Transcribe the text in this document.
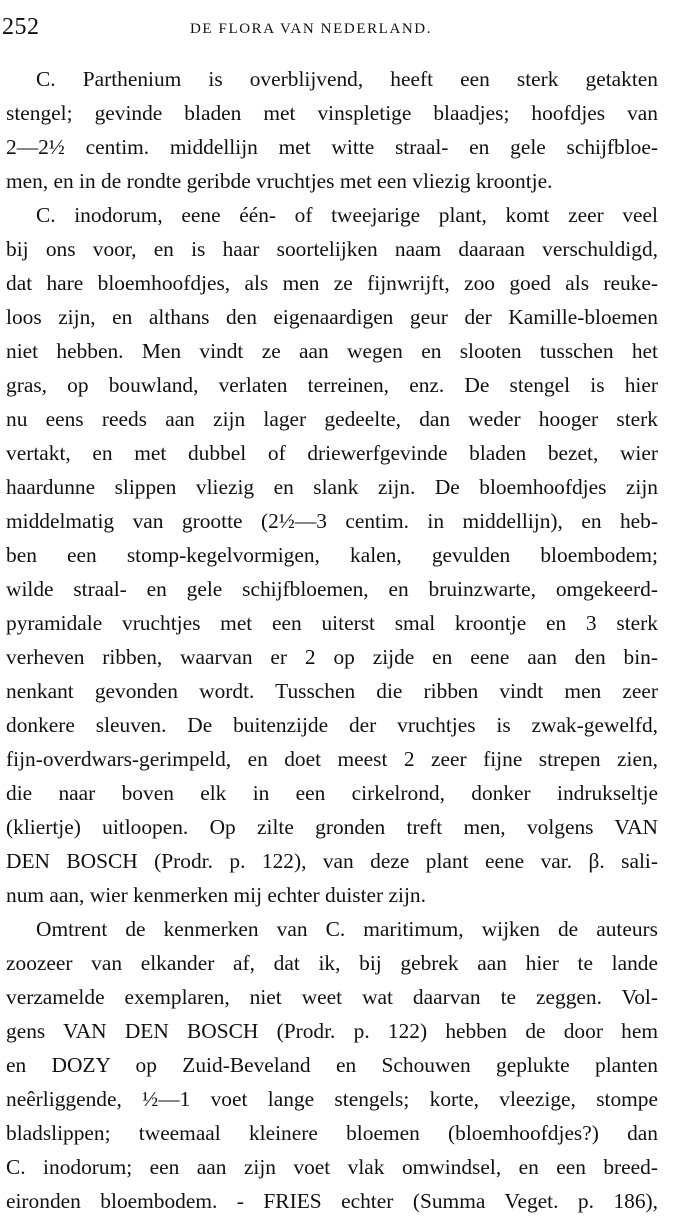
252	DE FLORA VAN NEDERLAND.
C. Parthenium is overblijvend, heeft een sterk getakten
stengel; gevinde bladen met vinspletige blaadjes; hoofdjes van
2—2½ centim. middellijn met witte straal- en gele schijfbloe-
men, en in de rondte geribde vruchtjes met een vliezig kroontje.
C. inodorum, eene één- of tweejarige plant, komt zeer veel
bij ons voor, en is haar soortelijken naam daaraan verschuldigd,
dat hare bloemhoofdjes, als men ze fijnwrijft, zoo goed als reuke-
loos zijn, en althans den eigenaardigen geur der Kamille-bloemen
niet hebben. Men vindt ze aan wegen en slooten tusschen het
gras, op bouwland, verlaten terreinen, enz. De stengel is hier
nu eens reeds aan zijn lager gedeelte, dan weder hooger sterk
vertakt, en met dubbel of driewerfgevinde bladen bezet, wier
haardunne slippen vliezig en slank zijn. De bloemhoofdjes zijn
middelmatig van grootte (2½—3 centim. in middellijn), en heb-
ben een stomp-kegelvormigen, kalen, gevulden bloembodem;
wilde straal- en gele schijfbloemen, en bruinzwarte, omgekeerd-
pyramidale vruchtjes met een uiterst smal kroontje en 3 sterk
verheven ribben, waarvan er 2 op zijde en eene aan den bin-
nenkant gevonden wordt. Tusschen die ribben vindt men zeer
donkere sleuven. De buitenzijde der vruchtjes is zwak-gewelfd,
fijn-overdwars-gerimpeld, en doet meest 2 zeer fijne strepen zien,
die naar boven elk in een cirkelrond, donker indrukseltje
(kliertje) uitloopen. Op zilte gronden treft men, volgens VAN
DEN BOSCH (Prodr. p. 122), van deze plant eene var. β. sali-
num aan, wier kenmerken mij echter duister zijn.
Omtrent de kenmerken van C. maritimum, wijken de auteurs
zoozeer van elkander af, dat ik, bij gebrek aan hier te lande
verzamelde exemplaren, niet weet wat daarvan te zeggen. Vol-
gens VAN DEN BOSCH (Prodr. p. 122) hebben de door hem
en DOZY op Zuid-Beveland en Schouwen geplukte planten
neêrliggende, ½—1 voet lange stengels; korte, vleezige, stompe
bladslippen; tweemaal kleinere bloemen (bloemhoofdjes?) dan
C. inodorum; een aan zijn voet vlak omwindsel, en een breed-
eironden bloembodem. - FRIES echter (Summa Veget. p. 186),
